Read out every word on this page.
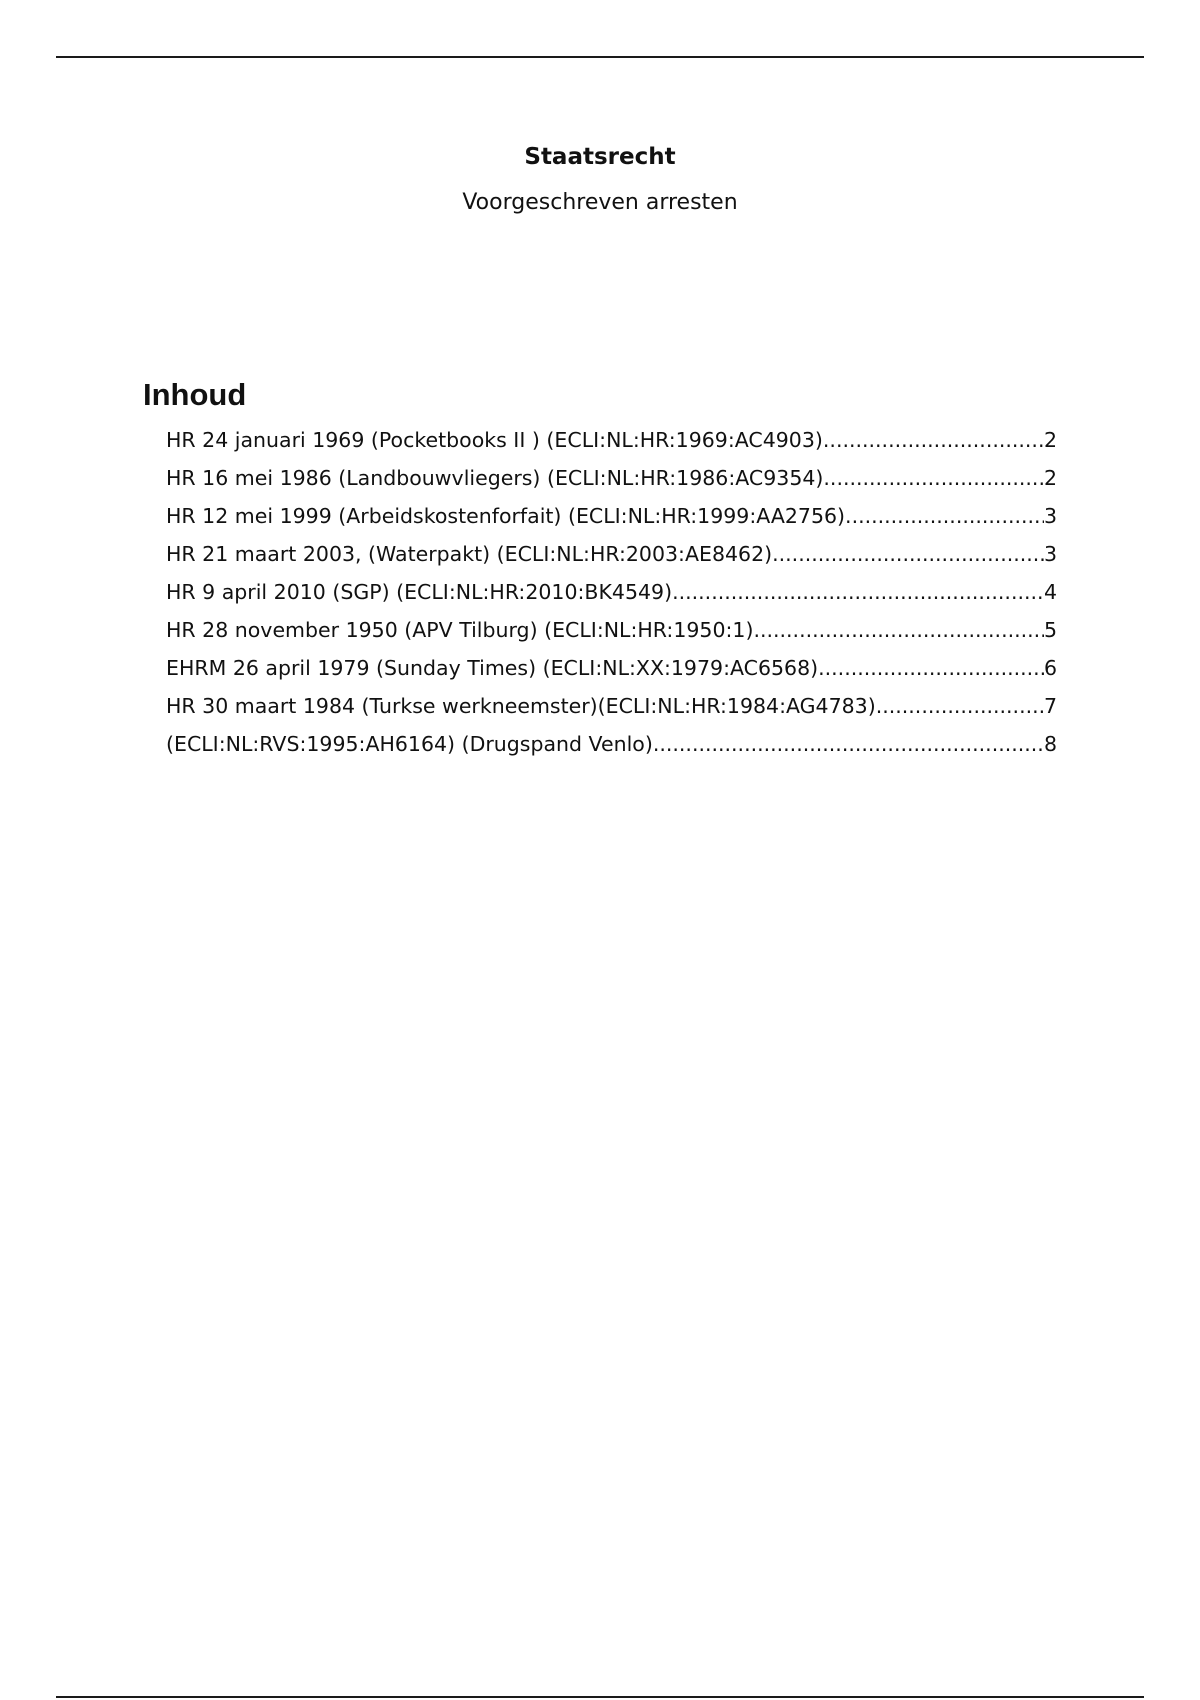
Staatsrecht

Voorgeschreven arresten

Inhoud
HR 24 januari 1969 (Pocketbooks II ) (ECLI:NL:HR:1969:AC4903) .....	2
HR 16 mei 1986 (Landbouwvliegers) (ECLI:NL:HR:1986:AC9354) .....	2
HR 12 mei 1999 (Arbeidskostenforfait) (ECLI:NL:HR:1999:AA2756) .....	3
HR 21 maart 2003, (Waterpakt) (ECLI:NL:HR:2003:AE8462) .....	3
HR 9 april 2010 (SGP) (ECLI:NL:HR:2010:BK4549) .....	4
HR 28 november 1950 (APV Tilburg) (ECLI:NL:HR:1950:1) .....	5
EHRM 26 april 1979 (Sunday Times) (ECLI:NL:XX:1979:AC6568) .....	6
HR 30 maart 1984 (Turkse werkneemster)(ECLI:NL:HR:1984:AG4783) .....	7
(ECLI:NL:RVS:1995:AH6164) (Drugspand Venlo) .....	8
